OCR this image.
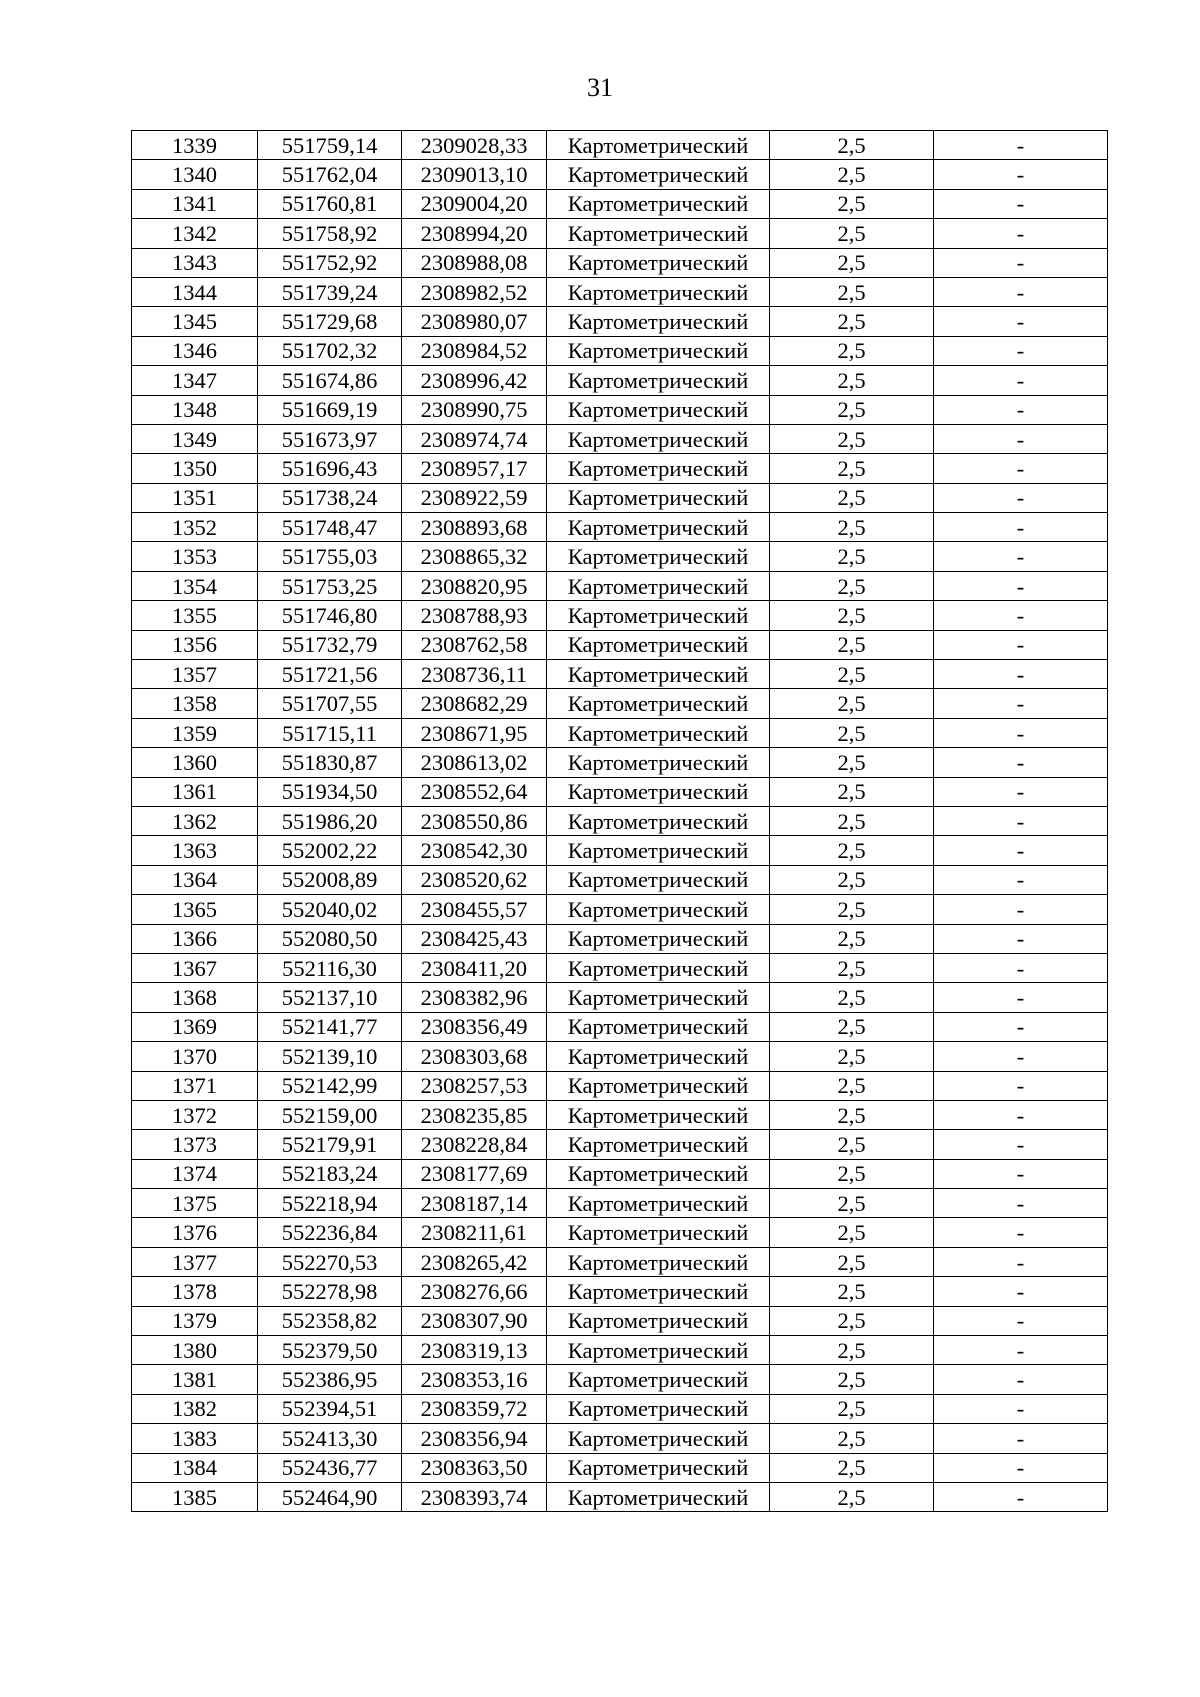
31
1339	551759,14	2309028,33	Картометрический	2,5	-
1340	551762,04	2309013,10	Картометрический	2,5	-
1341	551760,81	2309004,20	Картометрический	2,5	-
1342	551758,92	2308994,20	Картометрический	2,5	-
1343	551752,92	2308988,08	Картометрический	2,5	-
1344	551739,24	2308982,52	Картометрический	2,5	-
1345	551729,68	2308980,07	Картометрический	2,5	-
1346	551702,32	2308984,52	Картометрический	2,5	-
1347	551674,86	2308996,42	Картометрический	2,5	-
1348	551669,19	2308990,75	Картометрический	2,5	-
1349	551673,97	2308974,74	Картометрический	2,5	-
1350	551696,43	2308957,17	Картометрический	2,5	-
1351	551738,24	2308922,59	Картометрический	2,5	-
1352	551748,47	2308893,68	Картометрический	2,5	-
1353	551755,03	2308865,32	Картометрический	2,5	-
1354	551753,25	2308820,95	Картометрический	2,5	-
1355	551746,80	2308788,93	Картометрический	2,5	-
1356	551732,79	2308762,58	Картометрический	2,5	-
1357	551721,56	2308736,11	Картометрический	2,5	-
1358	551707,55	2308682,29	Картометрический	2,5	-
1359	551715,11	2308671,95	Картометрический	2,5	-
1360	551830,87	2308613,02	Картометрический	2,5	-
1361	551934,50	2308552,64	Картометрический	2,5	-
1362	551986,20	2308550,86	Картометрический	2,5	-
1363	552002,22	2308542,30	Картометрический	2,5	-
1364	552008,89	2308520,62	Картометрический	2,5	-
1365	552040,02	2308455,57	Картометрический	2,5	-
1366	552080,50	2308425,43	Картометрический	2,5	-
1367	552116,30	2308411,20	Картометрический	2,5	-
1368	552137,10	2308382,96	Картометрический	2,5	-
1369	552141,77	2308356,49	Картометрический	2,5	-
1370	552139,10	2308303,68	Картометрический	2,5	-
1371	552142,99	2308257,53	Картометрический	2,5	-
1372	552159,00	2308235,85	Картометрический	2,5	-
1373	552179,91	2308228,84	Картометрический	2,5	-
1374	552183,24	2308177,69	Картометрический	2,5	-
1375	552218,94	2308187,14	Картометрический	2,5	-
1376	552236,84	2308211,61	Картометрический	2,5	-
1377	552270,53	2308265,42	Картометрический	2,5	-
1378	552278,98	2308276,66	Картометрический	2,5	-
1379	552358,82	2308307,90	Картометрический	2,5	-
1380	552379,50	2308319,13	Картометрический	2,5	-
1381	552386,95	2308353,16	Картометрический	2,5	-
1382	552394,51	2308359,72	Картометрический	2,5	-
1383	552413,30	2308356,94	Картометрический	2,5	-
1384	552436,77	2308363,50	Картометрический	2,5	-
1385	552464,90	2308393,74	Картометрический	2,5	-
